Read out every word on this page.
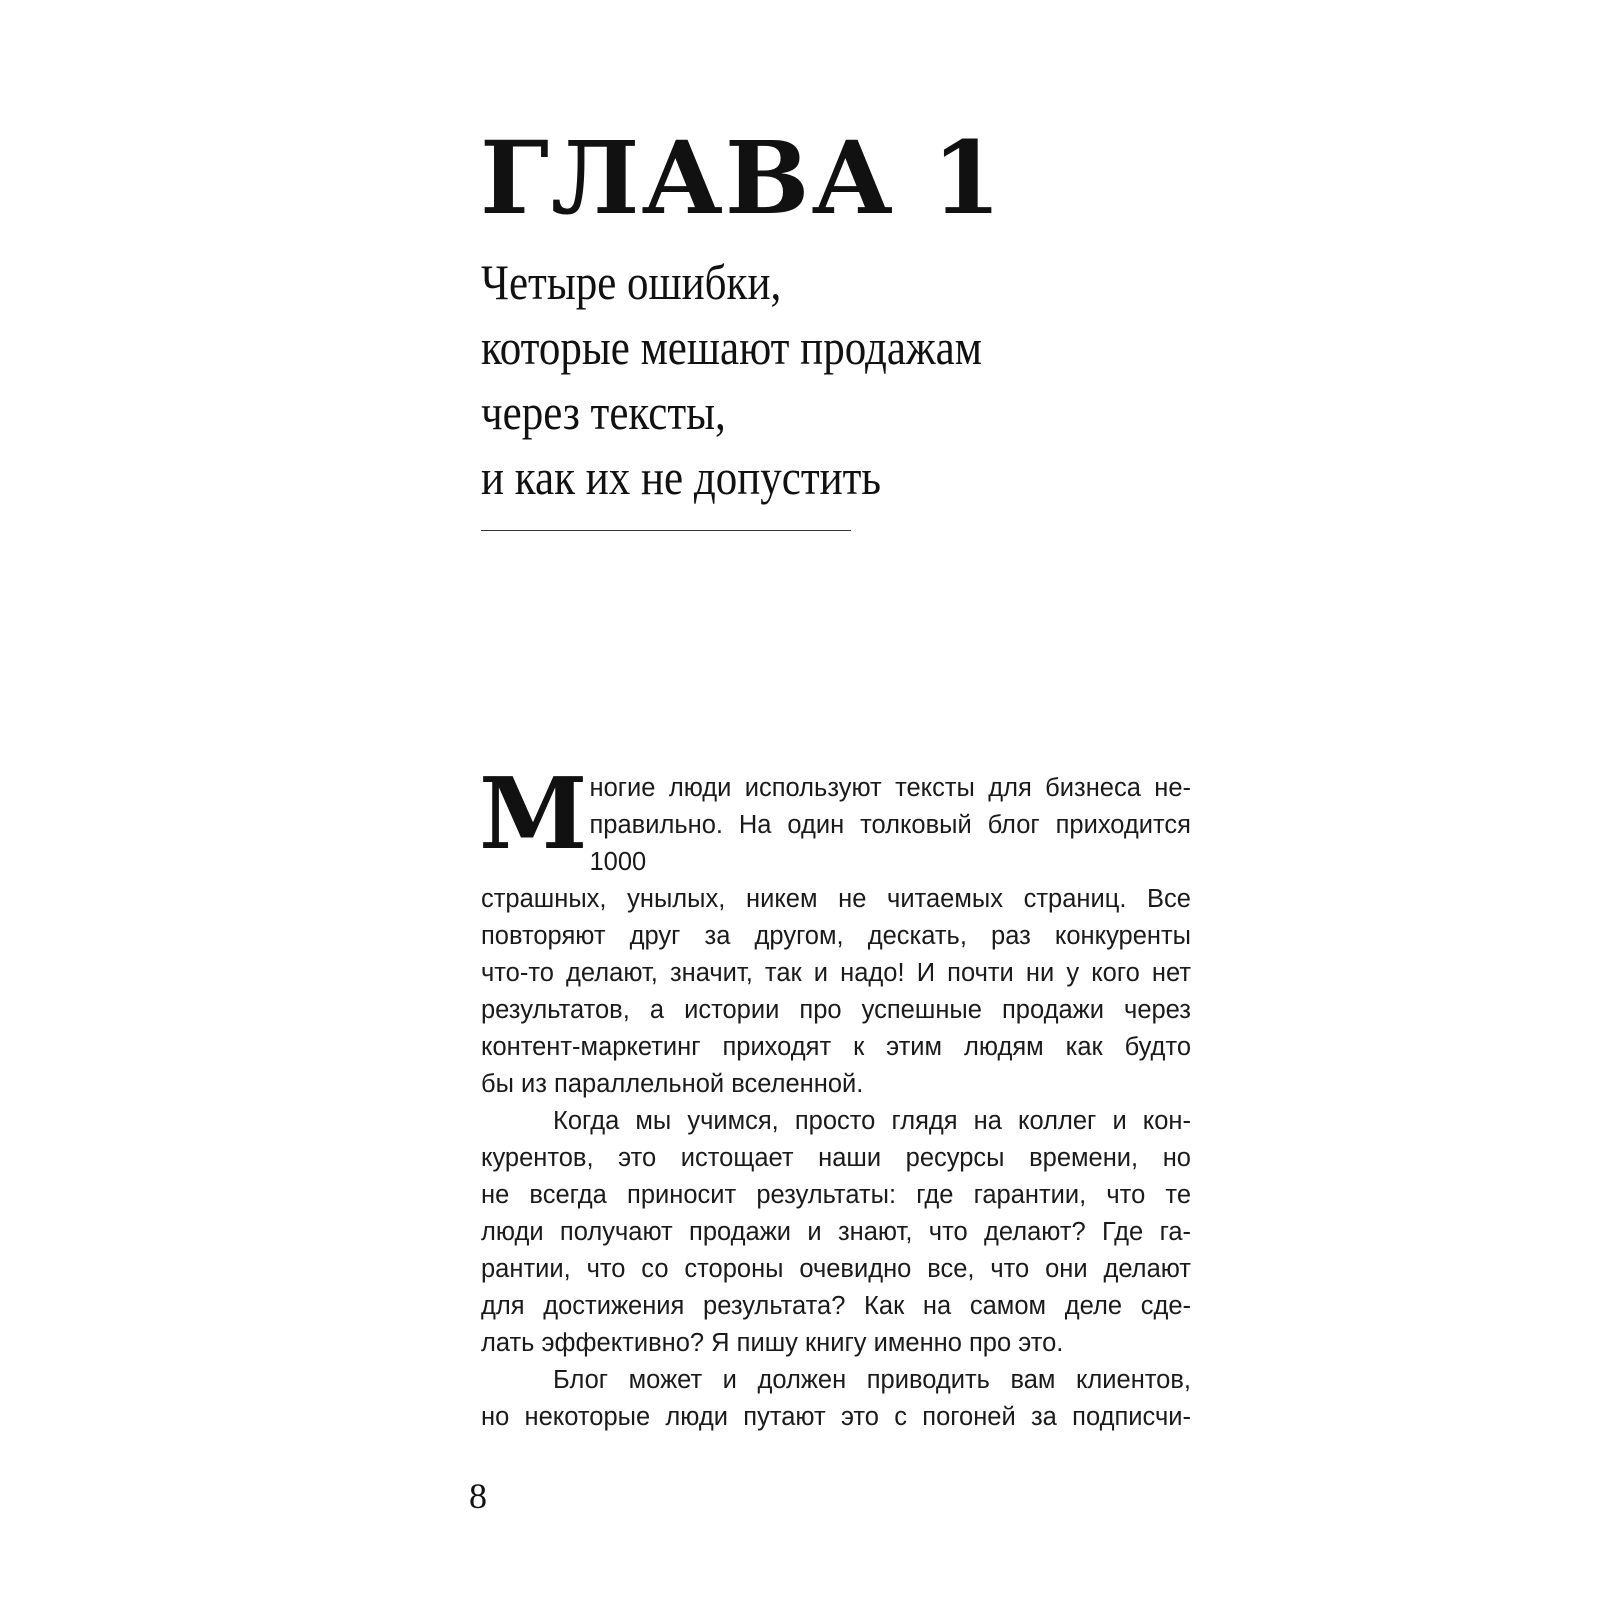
ГЛАВА 1
Четыре ошибки,
которые мешают продажам
через тексты,
и как их не допустить
М ногие люди используют тексты для бизнеса не-

правильно. На один толковый блог приходится 1000

страшных, унылых, никем не читаемых страниц. Все

повторяют друг за другом, дескать, раз конкуренты

что-то делают, значит, так и надо! И почти ни у кого нет

результатов, а истории про успешные продажи через

контент-маркетинг приходят к этим людям как будто

бы из параллельной вселенной.

Когда мы учимся, просто глядя на коллег и кон-

курентов, это истощает наши ресурсы времени, но

не всегда приносит результаты: где гарантии, что те

люди получают продажи и знают, что делают? Где га-

рантии, что со стороны очевидно все, что они делают

для достижения результата? Как на самом деле сде-

лать эффективно? Я пишу книгу именно про это.

Блог может и должен приводить вам клиентов,

но некоторые люди путают это с погоней за подписчи-

8
